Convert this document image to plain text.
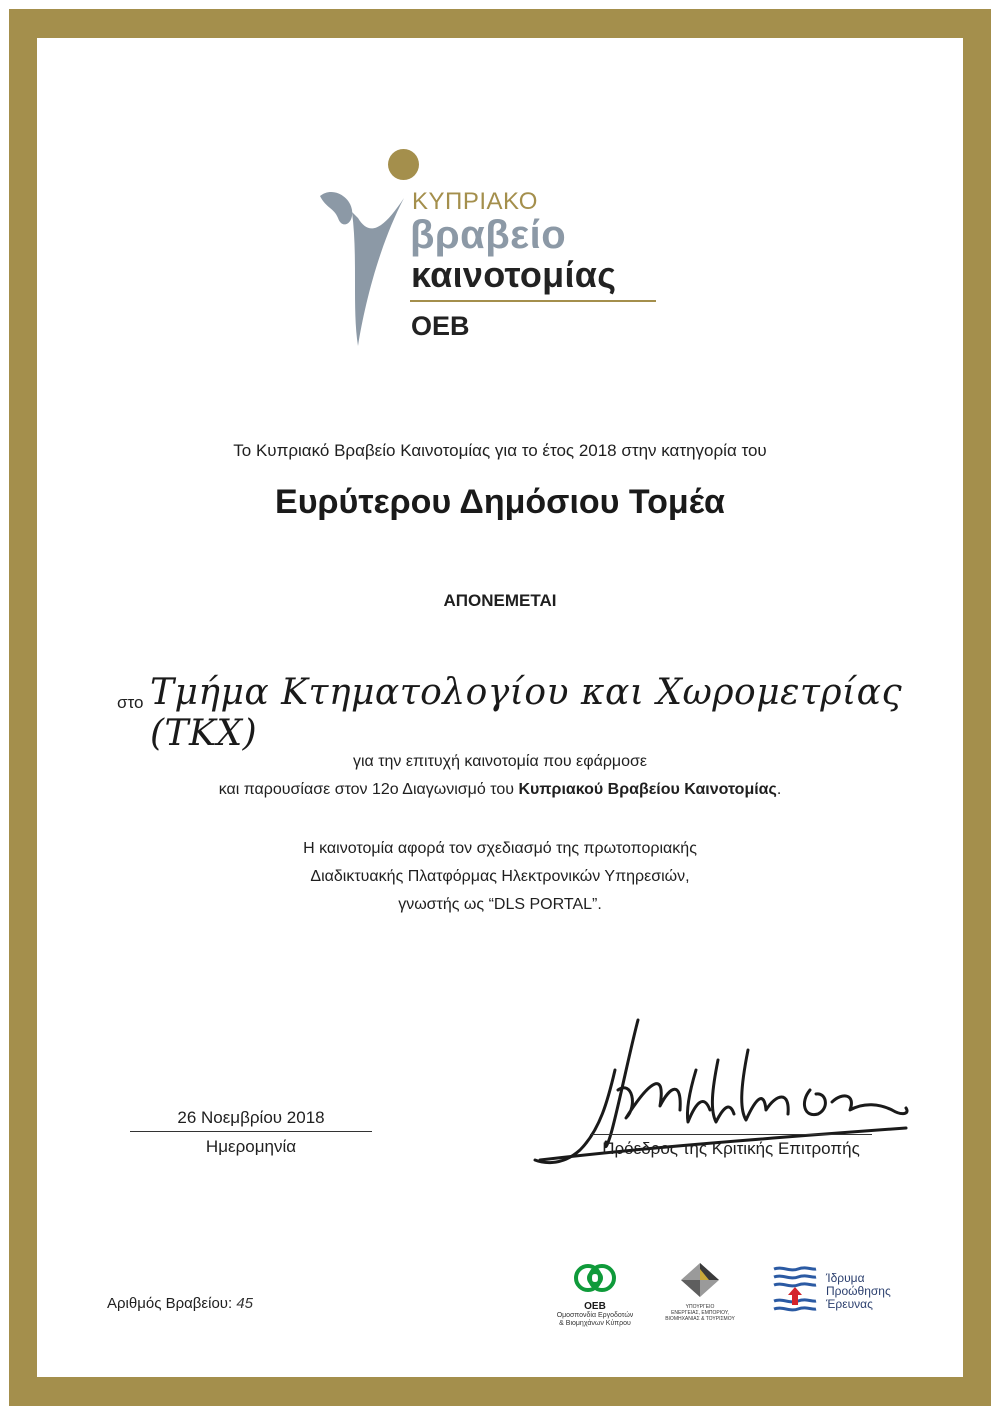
ΚΥΠΡΙΑΚΟ
βραβείο
καινοτομίας
ΟΕΒ
Το Κυπριακό Βραβείο Καινοτομίας για το έτος 2018 στην κατηγορία του
Ευρύτερου Δημόσιου Τομέα
ΑΠΟΝΕΜΕΤΑΙ
στο Τμήμα Κτηματολογίου και Χωρομετρίας (ΤΚΧ)
για την επιτυχή καινοτομία που εφάρμοσε
και παρουσίασε στον 12ο Διαγωνισμό του Κυπριακού Βραβείου Καινοτομίας.
Η καινοτομία αφορά τον σχεδιασμό της πρωτοποριακής
Διαδικτυακής Πλατφόρμας Ηλεκτρονικών Υπηρεσιών,
γνωστής ως “DLS PORTAL”.
26 Νοεμβρίου 2018
Ημερομηνία	Πρόεδρος της Κριτικής Επιτροπής
Αριθμός Βραβείου: 45	ΟΕΒ
Ομοσπονδία Εργοδοτών
& Βιομηχάνων Κύπρου
ΥΠΟΥΡΓΕΙΟ
ΕΝΕΡΓΕΙΑΣ, ΕΜΠΟΡΙΟΥ,
ΒΙΟΜΗΧΑΝΙΑΣ & ΤΟΥΡΙΣΜΟΥ
Ίδρυμα
Προώθησης
Έρευνας
